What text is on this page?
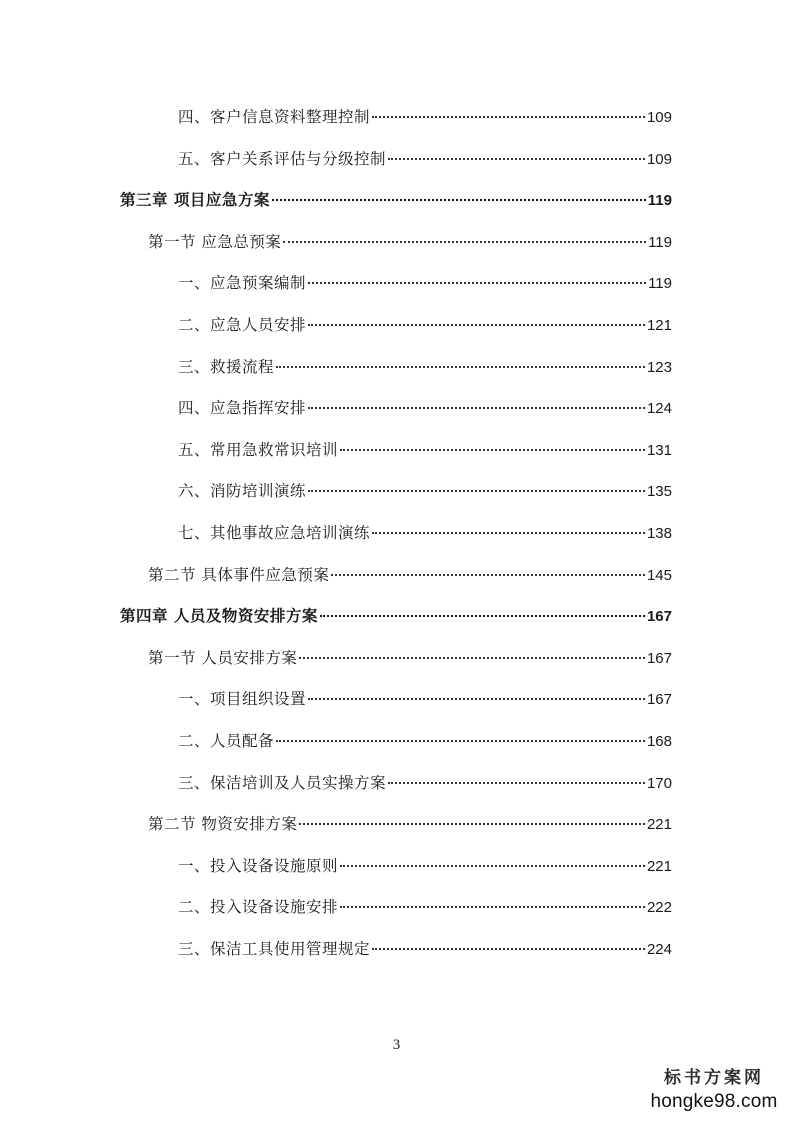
四、客户信息资料整理控制	109
五、客户关系评估与分级控制	109
第三章 项目应急方案	119
第一节 应急总预案	119
一、应急预案编制	119
二、应急人员安排	121
三、救援流程	123
四、应急指挥安排	124
五、常用急救常识培训	131
六、消防培训演练	135
七、其他事故应急培训演练	138
第二节 具体事件应急预案	145
第四章 人员及物资安排方案	167
第一节 人员安排方案	167
一、项目组织设置	167
二、人员配备	168
三、保洁培训及人员实操方案	170
第二节 物资安排方案	221
一、投入设备设施原则	221
二、投入设备设施安排	222
三、保洁工具使用管理规定	224
3
标书方案网
hongke98.com
